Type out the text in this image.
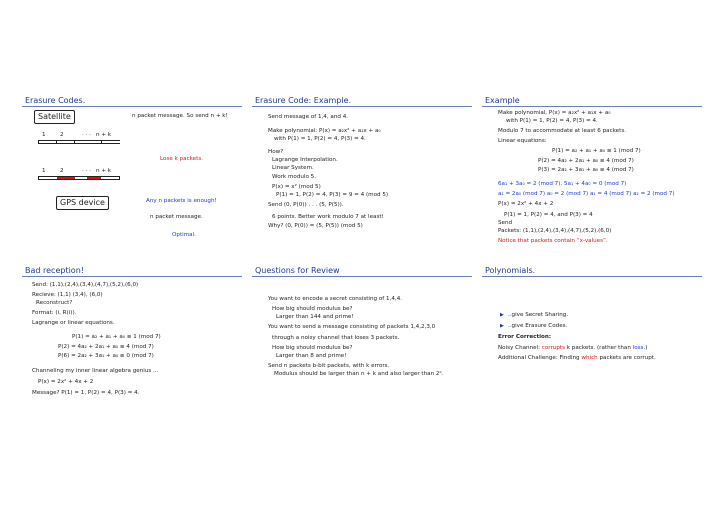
Erasure Codes.
Satellite	n packet message. So send n + k!
1	2	· · · n + k
Lose k packets.
1	2	· · · n + k
GPS device	Any n packets is enough!
n packet message.
Optimal.
Erasure Code: Example.
Send message of 1,4, and 4.
Make polynomial: P(x) = a₂x² + a₁x + a₀
with P(1) = 1, P(2) = 4, P(3) = 4.
How?
Lagrange Interpolation.
Linear System.
Work modulo 5.
P(x) = x² (mod 5)
P(1) = 1, P(2) = 4, P(3) = 9 = 4 (mod 5)
Send (0, P(0)) . . . (5, P(5)).
6 points. Better work modulo 7 at least!
Why? (0, P(0)) = (5, P(5)) (mod 5)
Example
Make polynomial, P(x) = a₂x² + a₁x + a₀
with P(1) = 1, P(2) = 4, P(3) = 4.
Modulo 7 to accommodate at least 6 packets.
Linear equations:
P(1) = a₂ + a₁ + a₀ ≡ 1 (mod 7)
P(2) = 4a₂ + 2a₁ + a₀ ≡ 4 (mod 7)
P(3) = 2a₂ + 3a₁ + a₀ ≡ 4 (mod 7)
6a₁ + 3a₀ = 2 (mod 7), 5a₁ + 4a₀ = 0 (mod 7)
a₁ = 2a₀ (mod 7) a₀ = 2 (mod 7) a₁ = 4 (mod 7) a₂ = 2 (mod 7)
P(x) = 2x² + 4x + 2
P(1) = 1, P(2) = 4, and P(3) = 4
Send
Packets: (1,1),(2,4),(3,4),(4,7),(5,2),(6,0)
Notice that packets contain “x-values”.
Bad reception!
Send: (1,1),(2,4),(3,4),(4,7),(5,2),(6,0)
Recieve: (1,1) (3,4), (6,0)
Reconstruct?
Format: (i, R(i)).
Lagrange or linear equations.
P(1) = a₂ + a₁ + a₀ ≡ 1 (mod 7)
P(2) = 4a₂ + 2a₁ + a₀ ≡ 4 (mod 7)
P(6) = 2a₂ + 3a₁ + a₀ ≡ 0 (mod 7)
Channeling my inner linear algebra genius ...
P(x) = 2x² + 4x + 2
Message? P(1) = 1, P(2) = 4, P(3) = 4.
Questions for Review
You want to encode a secret consisting of 1,4,4.
How big should modulus be?
Larger than 144 and prime!
You want to send a message consisting of packets 1,4,2,3,0
through a noisy channel that loses 3 packets.
How big should modulus be?
Larger than 8 and prime!
Send n packets b-bit packets, with k errors.
Modulus should be larger than n + k and also larger than 2ᵇ.
Polynomials.
▶ ..give Secret Sharing.
▶ ..give Erasure Codes.
Error Correction:
Noisy Channel: corrupts k packets. (rather than loss.)
Additional Challenge: Finding which packets are corrupt.
